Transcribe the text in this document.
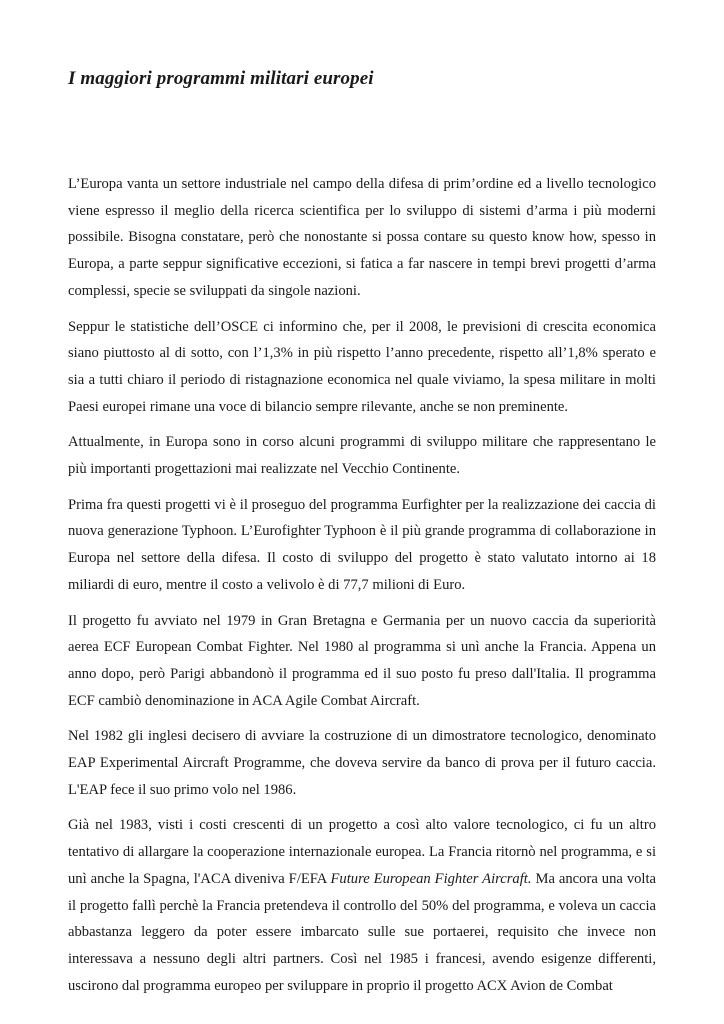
I maggiori programmi militari europei

L’Europa vanta un settore industriale nel campo della difesa di prim’ordine ed a livello tecnologico viene espresso il meglio della ricerca scientifica per lo sviluppo di sistemi d’arma i più moderni possibile. Bisogna constatare, però che nonostante si possa contare su questo know how, spesso in Europa, a parte seppur significative eccezioni, si fatica a far nascere in tempi brevi progetti d’arma complessi, specie se sviluppati da singole nazioni.

Seppur le statistiche dell’OSCE ci informino che, per il 2008, le previsioni di crescita economica siano piuttosto al di sotto, con l’1,3% in più rispetto l’anno precedente, rispetto all’1,8% sperato e sia a tutti chiaro il periodo di ristagnazione economica nel quale viviamo, la spesa militare in molti Paesi europei rimane una voce di bilancio sempre rilevante, anche se non preminente.

Attualmente, in Europa sono in corso alcuni programmi di sviluppo militare che rappresentano le più importanti progettazioni mai realizzate nel Vecchio Continente.

Prima fra questi progetti vi è il proseguo del programma Eurfighter per la realizzazione dei caccia di nuova generazione Typhoon. L’Eurofighter Typhoon è il più grande programma di collaborazione in Europa nel settore della difesa. Il costo di sviluppo del progetto è stato valutato intorno ai 18 miliardi di euro, mentre il costo a velivolo è di 77,7 milioni di Euro.

Il progetto fu avviato nel 1979 in Gran Bretagna e Germania per un nuovo caccia da superiorità aerea ECF European Combat Fighter. Nel 1980 al programma si unì anche la Francia. Appena un anno dopo, però Parigi abbandonò il programma ed il suo posto fu preso dall'Italia. Il programma ECF cambiò denominazione in ACA Agile Combat Aircraft.

Nel 1982 gli inglesi decisero di avviare la costruzione di un dimostratore tecnologico, denominato EAP Experimental Aircraft Programme, che doveva servire da banco di prova per il futuro caccia. L'EAP fece il suo primo volo nel 1986.

Già nel 1983, visti i costi crescenti di un progetto a così alto valore tecnologico, ci fu un altro tentativo di allargare la cooperazione internazionale europea. La Francia ritornò nel programma, e si unì anche la Spagna, l'ACA diveniva F/EFA Future European Fighter Aircraft. Ma ancora una volta il progetto fallì perchè la Francia pretendeva il controllo del 50% del programma, e voleva un caccia abbastanza leggero da poter essere imbarcato sulle sue portaerei, requisito che invece non interessava a nessuno degli altri partners. Così nel 1985 i francesi, avendo esigenze differenti, uscirono dal programma europeo per sviluppare in proprio il progetto ACX Avion de Combat
